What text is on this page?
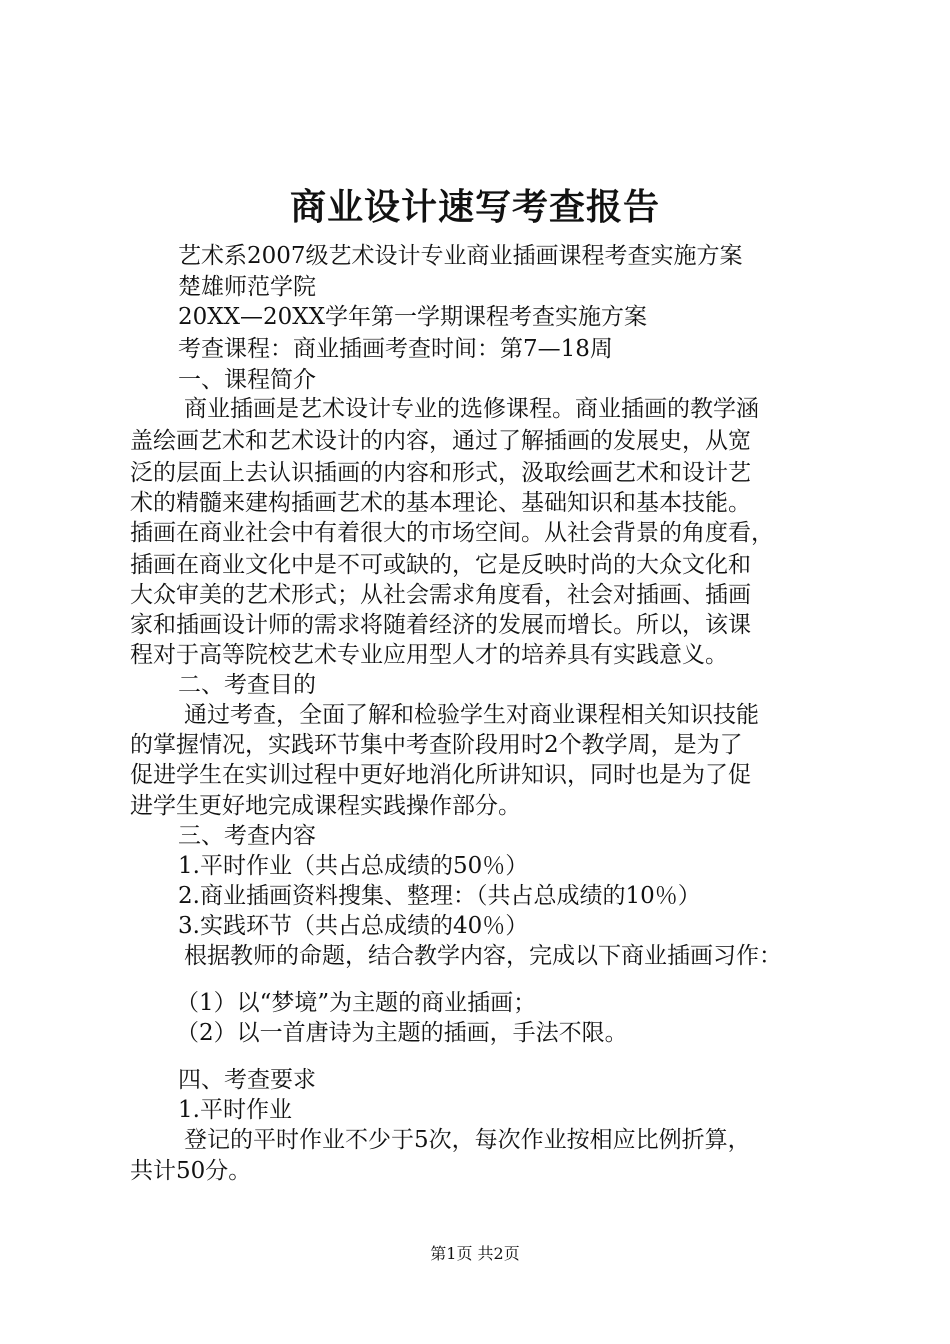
商业设计速写考查报告
艺术系2007级艺术设计专业商业插画课程考查实施方案
楚雄师范学院
20XX—20XX学年第一学期课程考查实施方案
考查课程：商业插画考查时间：第7—18周
一、课程简介
商业插画是艺术设计专业的选修课程。商业插画的教学涵
盖绘画艺术和艺术设计的内容，通过了解插画的发展史，从宽
泛的层面上去认识插画的内容和形式，汲取绘画艺术和设计艺
术的精髓来建构插画艺术的基本理论、基础知识和基本技能。
插画在商业社会中有着很大的市场空间。从社会背景的角度看，
插画在商业文化中是不可或缺的，它是反映时尚的大众文化和
大众审美的艺术形式；从社会需求角度看，社会对插画、插画
家和插画设计师的需求将随着经济的发展而增长。所以，该课
程对于高等院校艺术专业应用型人才的培养具有实践意义。
二、考查目的
通过考查，全面了解和检验学生对商业课程相关知识技能
的掌握情况，实践环节集中考查阶段用时2个教学周，是为了
促进学生在实训过程中更好地消化所讲知识，同时也是为了促
进学生更好地完成课程实践操作部分。
三、考查内容
1.平时作业（共占总成绩的50％）
2.商业插画资料搜集、整理：（共占总成绩的10％）
3.实践环节（共占总成绩的40％）
根据教师的命题，结合教学内容，完成以下商业插画习作：
（1）以“梦境”为主题的商业插画；
（2）以一首唐诗为主题的插画，手法不限。
四、考查要求
1.平时作业
登记的平时作业不少于5次，每次作业按相应比例折算，
共计50分。
第1页 共2页
